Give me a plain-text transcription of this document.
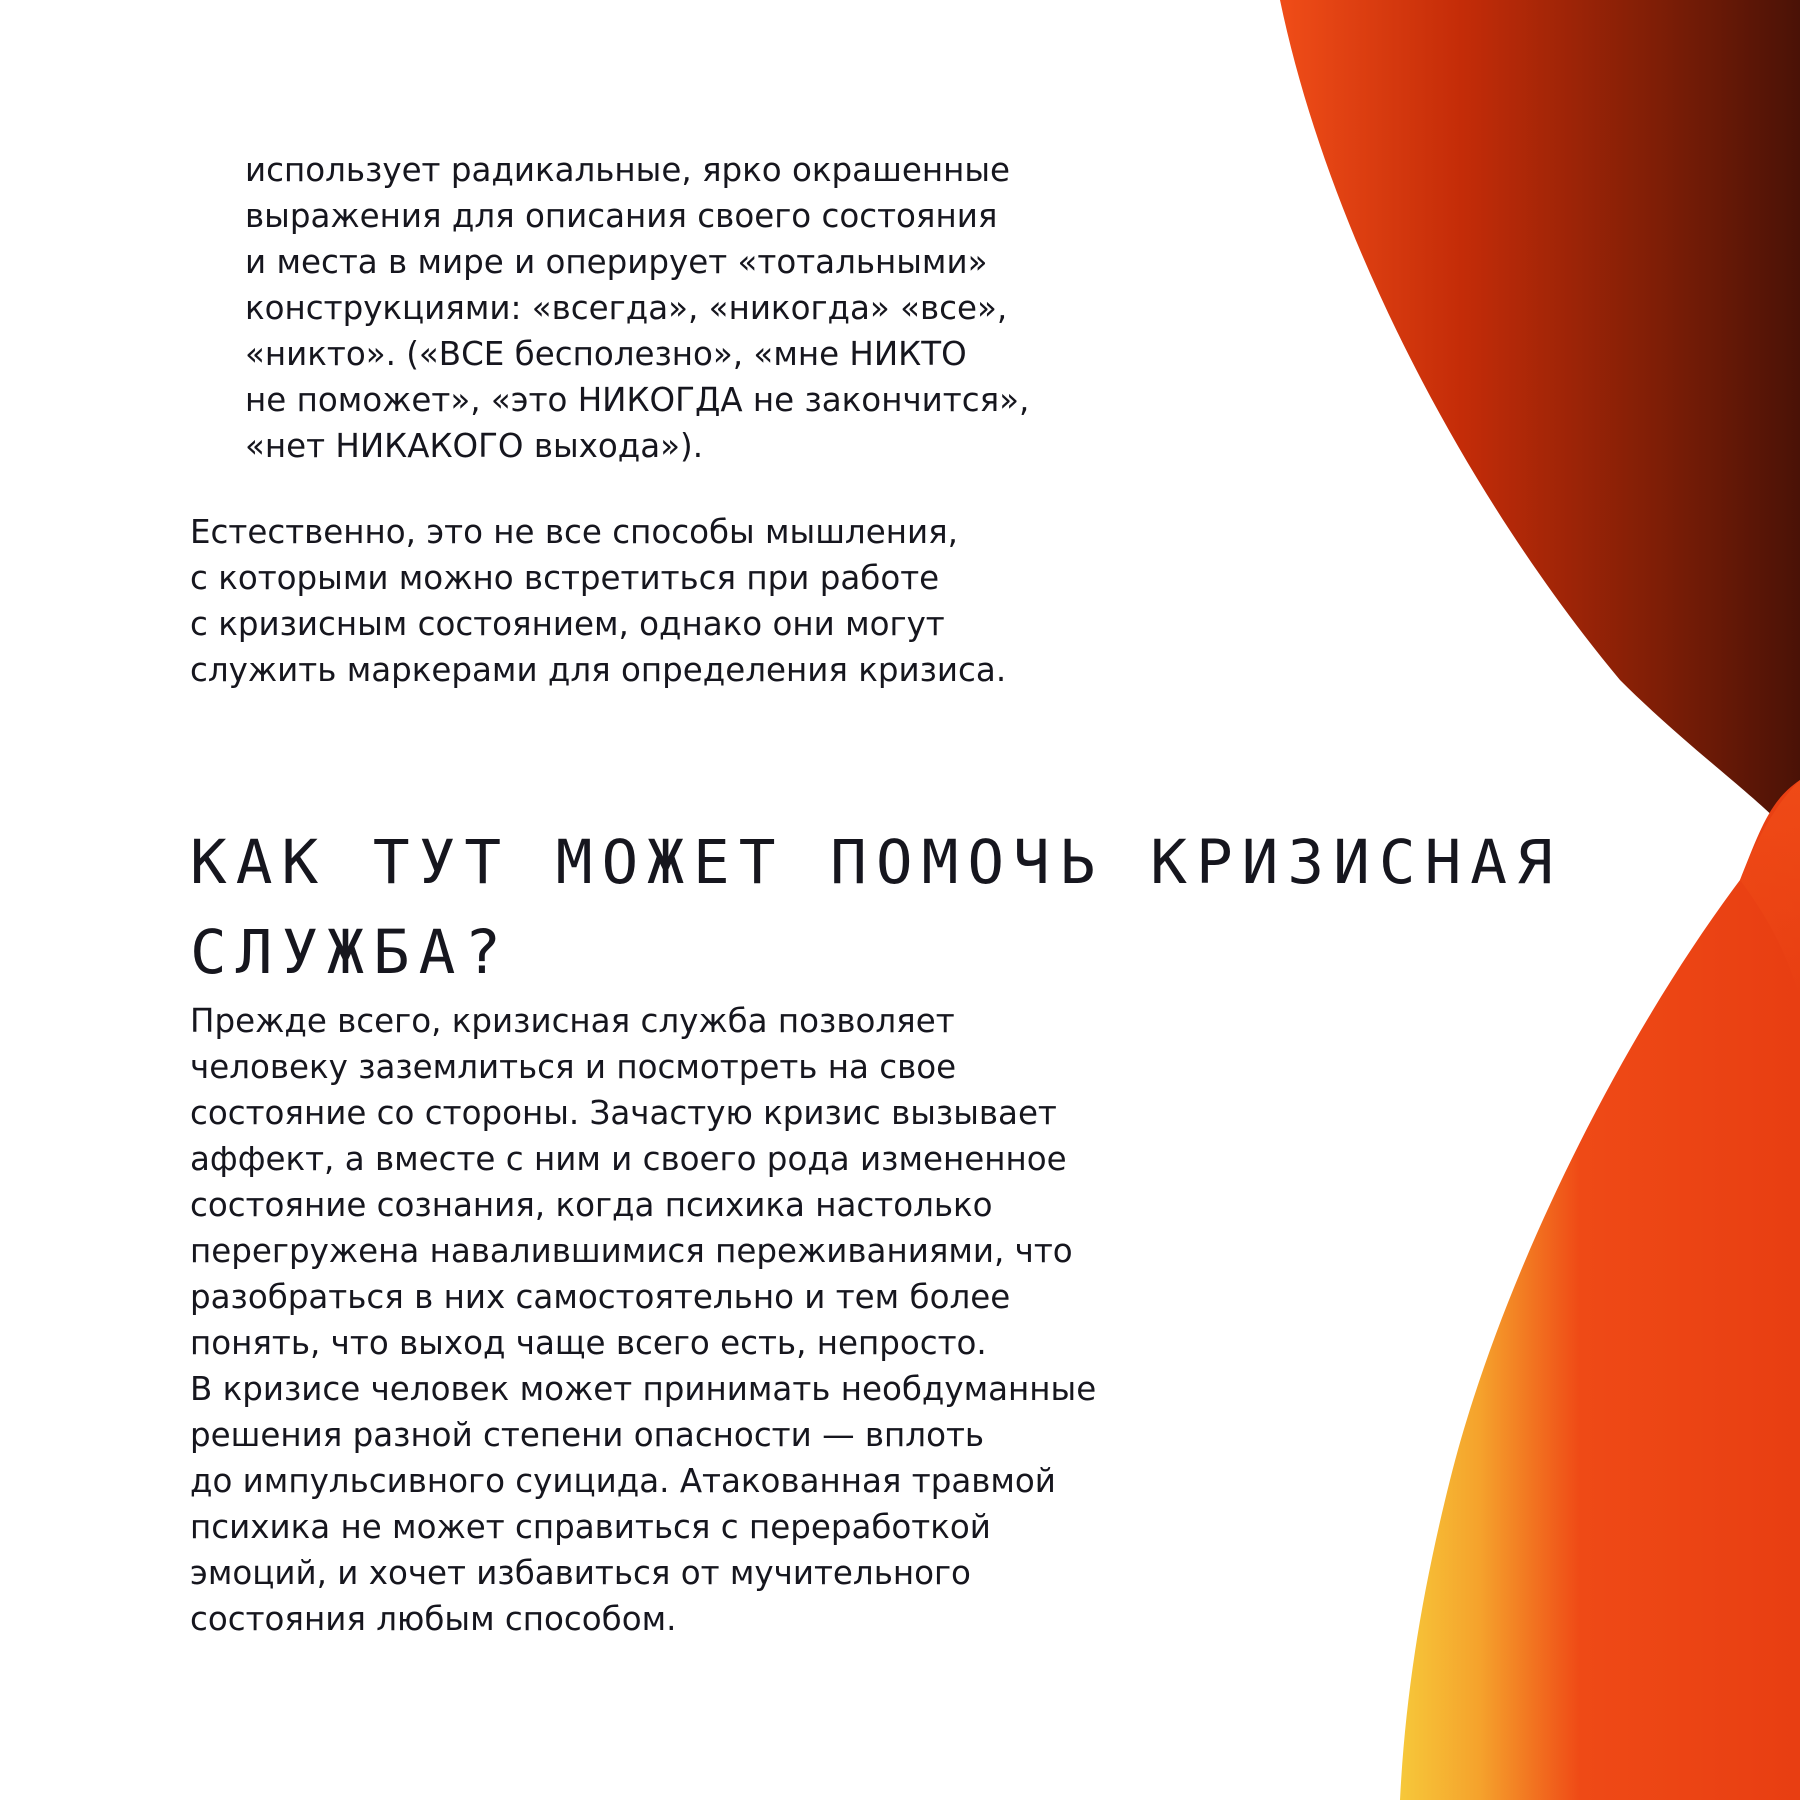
использует радикальные, ярко окрашенные
выражения для описания своего состояния
и места в мире и оперирует «тотальными»
конструкциями: «всегда», «никогда» «все»,
«никто». («ВСЕ бесполезно», «мне НИКТО
не поможет», «это НИКОГДА не закончится»,
«нет НИКАКОГО выхода»).

Естественно, это не все способы мышления,
с которыми можно встретиться при работе
с кризисным состоянием, однако они могут
служить маркерами для определения кризиса.

КАК ТУТ МОЖЕТ ПОМОЧЬ КРИЗИСНАЯ
СЛУЖБА?

Прежде всего, кризисная служба позволяет
человеку заземлиться и посмотреть на свое
состояние со стороны. Зачастую кризис вызывает
аффект, а вместе с ним и своего рода измененное
состояние сознания, когда психика настолько
перегружена навалившимися переживаниями, что
разобраться в них самостоятельно и тем более
понять, что выход чаще всего есть, непросто.
В кризисе человек может принимать необдуманные
решения разной степени опасности — вплоть
до импульсивного суицида. Атакованная травмой
психика не может справиться с переработкой
эмоций, и хочет избавиться от мучительного
состояния любым способом.
